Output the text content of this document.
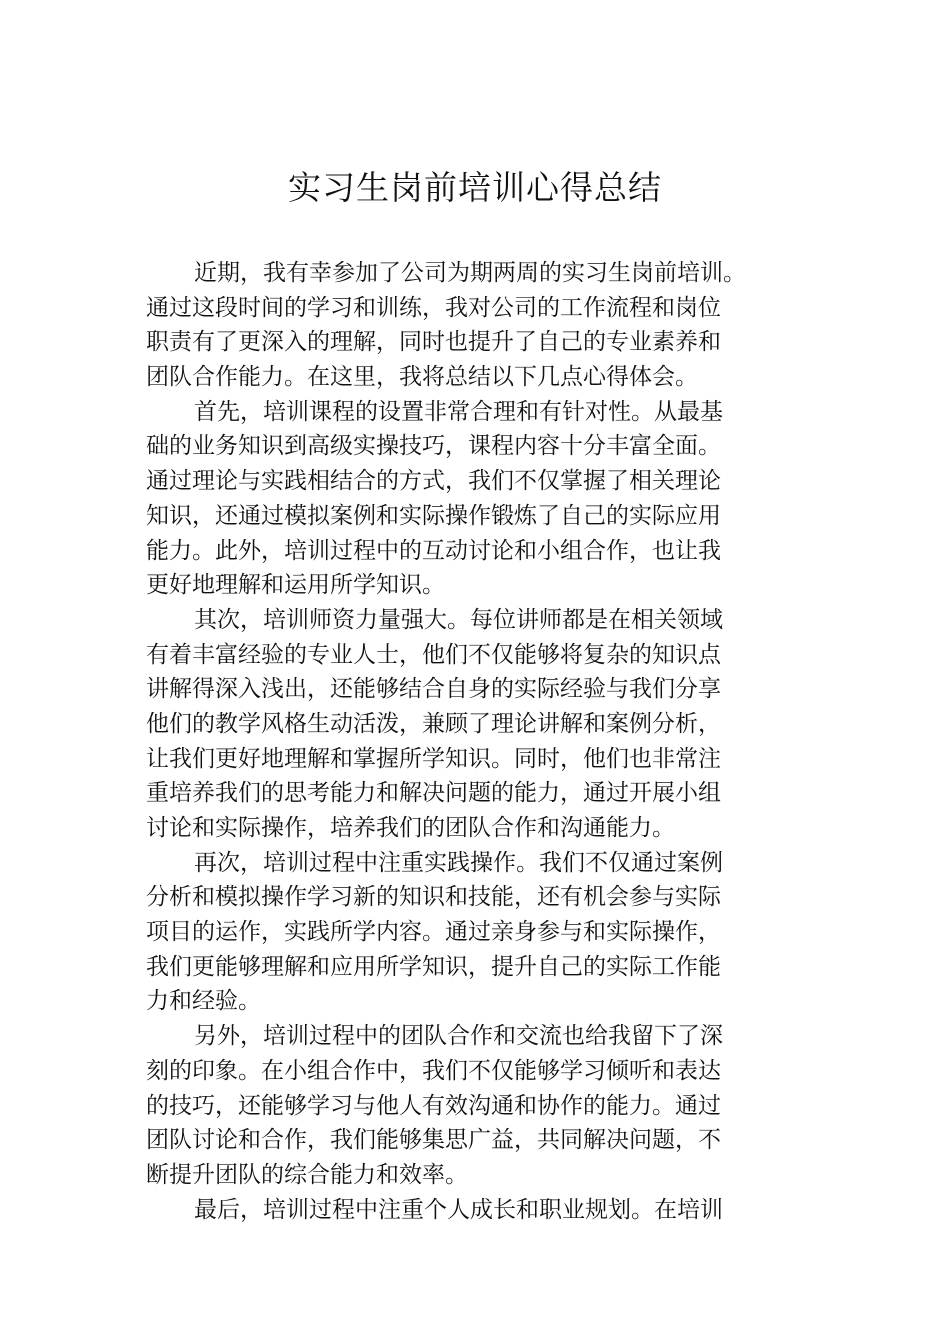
实习生岗前培训心得总结
近期，我有幸参加了公司为期两周的实习生岗前培训。
通过这段时间的学习和训练，我对公司的工作流程和岗位
职责有了更深入的理解，同时也提升了自己的专业素养和
团队合作能力。在这里，我将总结以下几点心得体会。
首先，培训课程的设置非常合理和有针对性。从最基
础的业务知识到高级实操技巧，课程内容十分丰富全面。
通过理论与实践相结合的方式，我们不仅掌握了相关理论
知识，还通过模拟案例和实际操作锻炼了自己的实际应用
能力。此外，培训过程中的互动讨论和小组合作，也让我
更好地理解和运用所学知识。
其次，培训师资力量强大。每位讲师都是在相关领域
有着丰富经验的专业人士，他们不仅能够将复杂的知识点
讲解得深入浅出，还能够结合自身的实际经验与我们分享
他们的教学风格生动活泼，兼顾了理论讲解和案例分析，
让我们更好地理解和掌握所学知识。同时，他们也非常注
重培养我们的思考能力和解决问题的能力，通过开展小组
讨论和实际操作，培养我们的团队合作和沟通能力。
再次，培训过程中注重实践操作。我们不仅通过案例
分析和模拟操作学习新的知识和技能，还有机会参与实际
项目的运作，实践所学内容。通过亲身参与和实际操作，
我们更能够理解和应用所学知识，提升自己的实际工作能
力和经验。
另外，培训过程中的团队合作和交流也给我留下了深
刻的印象。在小组合作中，我们不仅能够学习倾听和表达
的技巧，还能够学习与他人有效沟通和协作的能力。通过
团队讨论和合作，我们能够集思广益，共同解决问题，不
断提升团队的综合能力和效率。
最后，培训过程中注重个人成长和职业规划。在培训
